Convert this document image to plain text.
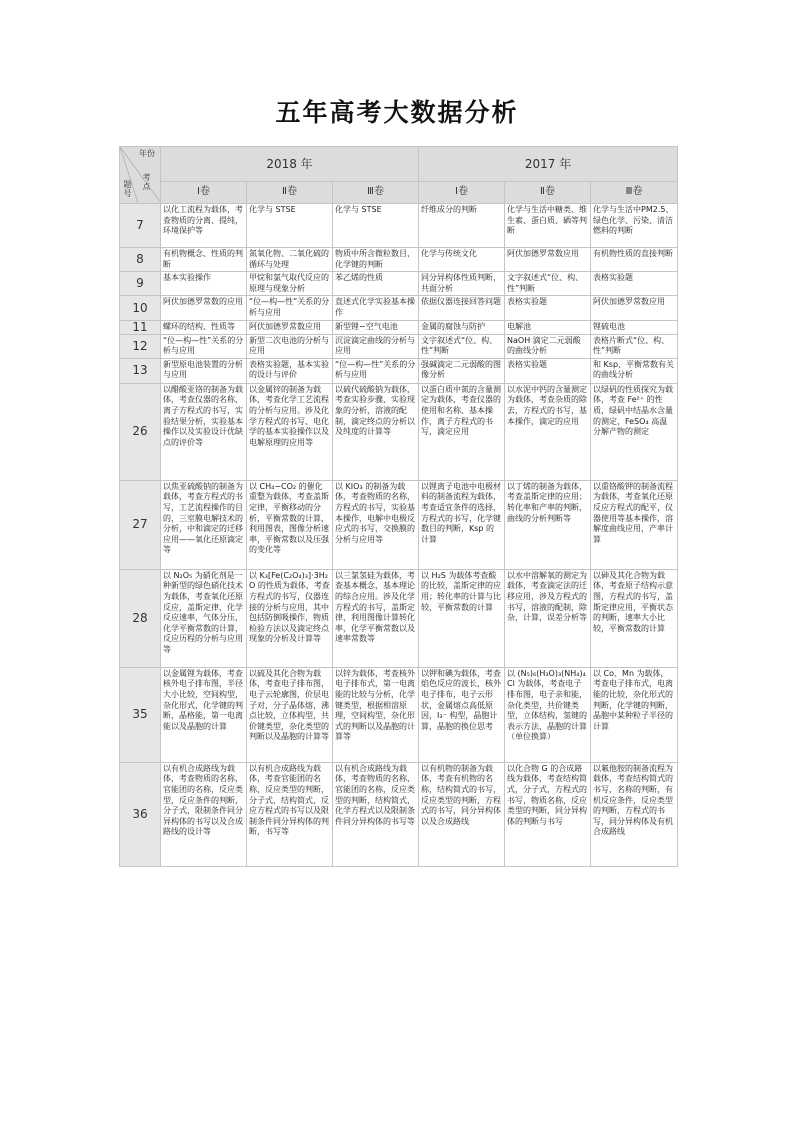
五年高考大数据分析
年份
考点
题号	2018 年			2017 年		
	Ⅰ卷	Ⅱ卷	Ⅲ卷	Ⅰ卷	Ⅱ卷	Ⅲ卷
7	以化工流程为载体，考查物质的分离、提纯，环境保护等	化学与 STSE	化学与 STSE	纤维成分的判断	化学与生活中糖类、维生素、蛋白质、硒等判断	化学与生活中PM2.5、绿色化学、污染、清洁燃料的判断
8	有机物概念、性质的判断	氮氧化物、二氧化硫的循环与处理	物质中所含微粒数目，化学键的判断	化学与传统文化	阿伏加德罗常数应用	有机物性质的直接判断
9	基本实验操作	甲烷和氯气取代反应的原理与现象分析	苯乙烯的性质	同分异构体性质判断，共面分析	文字叙述式“位、构、性”判断	表格实验题
10	阿伏加德罗常数的应用	“位—构—性”关系的分析与应用	直述式化学实验基本操作	依据仪器连接回答问题	表格实验题	阿伏加德罗常数应用
11	螺环的结构、性质等	阿伏加德罗常数应用	新型锂−空气电池	金属的腐蚀与防护	电解池	锂硫电池
12	“位—构—性”关系的分析与应用	新型二次电池的分析与应用	沉淀滴定曲线的分析与应用	文字叙述式“位、构、性”判断	NaOH 滴定二元弱酸的曲线分析	表格片断式“位、构、性”判断
13	新型原电池装置的分析与应用	表格实验题，基本实验的设计与评价	“位—构—性”关系的分析与应用	强碱滴定二元弱酸的图像分析	表格实验题	和 Ksp、平衡常数有关的曲线分析
26	以醋酸亚铬的制备为载体，考查仪器的名称，离子方程式的书写，实验结果分析，实验基本操作以及实验设计优缺点的评价等	以金属锌的制备为载体，考查化学工艺流程的分析与应用。涉及化学方程式的书写、电化学的基本实验操作以及电解原理的应用等	以硫代硫酸钠为载体，考查实验步骤、实验现象的分析，溶液的配制，滴定终点的分析以及纯度的计算等	以蛋白质中氮的含量测定为载体，考查仪器的使用和名称、基本操作，离子方程式的书写，滴定应用	以水泥中钙的含量测定为载体，考查杂质的除去，方程式的书写，基本操作，滴定的应用	以绿矾的性质探究为载体，考查 Fe²⁺ 的性质，绿矾中结晶水含量的测定，FeSO₄ 高温分解产物的测定
27	以焦亚硫酸钠的制备为载体，考查方程式的书写，工艺流程操作的目的，三室膜电解技术的分析，中和滴定的迁移应用——氧化还原滴定等	以 CH₄−CO₂ 的催化重整为载体，考查盖斯定律，平衡移动的分析，平衡常数的计算，利用图表，图像分析速率，平衡常数以及压强的变化等	以 KIO₃ 的制备为载体，考查物质的名称，方程式的书写，实验基本操作，电解中电极反应式的书写，交换膜的分析与应用等	以锂离子电池中电极材料的制备流程为载体，考查适宜条件的选择，方程式的书写，化学键数目的判断，Ksp 的计算	以丁烯的制备为载体，考查盖斯定律的应用；转化率和产率的判断，曲线的分析判断等	以重铬酸钾的制备流程为载体，考查氧化还原反应方程式的配平，仪器使用等基本操作，溶解度曲线应用，产率计算
28	以 N₂O₅ 为硝化剂是一种新型的绿色硝化技术为载体，考查氧化还原反应，盖斯定律，化学反应速率，气体分压，化学平衡常数的计算，反应历程的分析与应用等	以 K₃[Fe(C₂O₄)₃]·3H₂O 的性质为载体，考查方程式的书写，仪器连接的分析与应用，其中包括防倒吸操作，物质检验方法以及滴定终点现象的分析及计算等	以三氯氢硅为载体，考查基本概念，基本理论的综合应用。涉及化学方程式的书写，盖斯定律，利用图像计算转化率，化学平衡常数以及速率常数等	以 H₂S 为载体考查酸的比较，盖斯定律的应用；转化率的计算与比较，平衡常数的计算	以水中溶解氧的测定为载体，考查滴定法的迁移应用，涉及方程式的书写，溶液的配制，除杂，计算，误差分析等	以砷及其化合物为载体，考查原子结构示意图，方程式的书写，盖斯定律应用，平衡状态的判断，速率大小比较，平衡常数的计算
35	以金属锂为载体，考查核外电子排布图，半径大小比较，空间构型，杂化形式，化学键的判断，晶格能，第一电离能以及晶胞的计算	以硫及其化合物为载体，考查电子排布图，电子云轮廓图，价层电子对，分子晶体熔，沸点比较，立体构型，共价键类型，杂化类型的判断以及晶胞的计算等	以锌为载体，考查核外电子排布式，第一电离能的比较与分析，化学键类型，根据相溶原理，空间构型，杂化形式的判断以及晶胞的计算等	以钾和碘为载体，考查焰色反应的波长，核外电子排布，电子云形状，金属熔点高低原因，I₃⁻ 构型，晶胞计算，晶胞的换位思考	以 (N₅)₆(H₃O)₃(NH₄)₄Cl 为载体，考查电子排布图，电子亲和能，杂化类型，共价键类型，立体结构，氢键的表示方法，晶胞的计算（单位换算）	以 Co、Mn 为载体，考查电子排布式，电离能的比较，杂化形式的判断，化学键的判断，晶胞中某种粒子半径的计算
36	以有机合成路线为载体，考查物质的名称，官能团的名称，反应类型，反应条件的判断，分子式，限制条件同分异构体的书写以及合成路线的设计等	以有机合成路线为载体，考查官能团的名称，反应类型的判断，分子式，结构简式，反应方程式的书写以及限制条件同分异构体的判断，书写等	以有机合成路线为载体，考查物质的名称，官能团的名称，反应类型的判断，结构简式，化学方程式以及限制条件同分异构体的书写等	以有机物的制备为载体，考查有机物的名称，结构简式的书写，反应类型的判断，方程式的书写，同分异构体以及合成路线	以化合物 G 的合成路线为载体，考查结构简式，分子式，方程式的书写，物质名称，反应类型的判断，同分异构体的判断与书写	以氟他胺的制备流程为载体，考查结构简式的书写，名称的判断，有机反应条件，反应类型的判断，方程式的书写，同分异构体及有机合成路线
